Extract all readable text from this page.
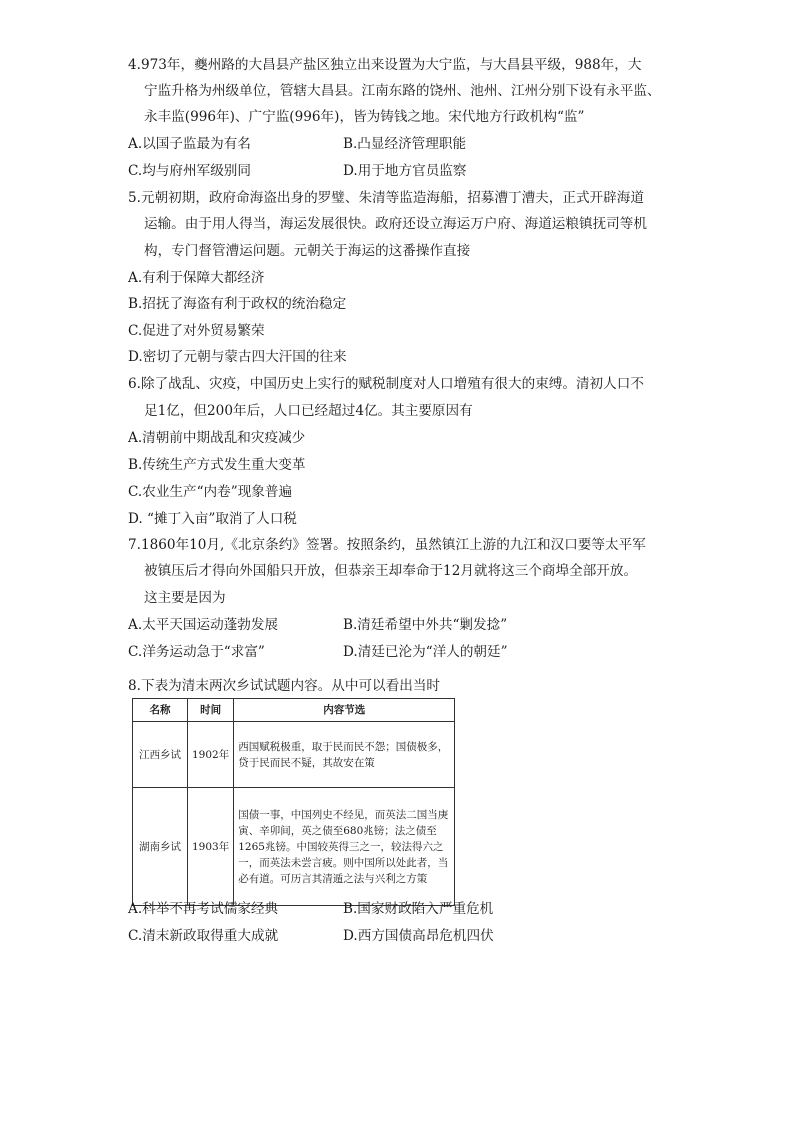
4.973年，夔州路的大昌县产盐区独立出来设置为大宁监，与大昌县平级，988年，大
宁监升格为州级单位，管辖大昌县。江南东路的饶州、池州、江州分别下设有永平监、
永丰监(996年)、广宁监(996年)，皆为铸钱之地。宋代地方行政机构“监”
A.以国子监最为有名	B.凸显经济管理职能
C.均与府州军级别同	D.用于地方官员监察
5.元朝初期，政府命海盗出身的罗璧、朱清等监造海船，招募漕丁漕夫，正式开辟海道
运输。由于用人得当，海运发展很快。政府还设立海运万户府、海道运粮镇抚司等机
构，专门督管漕运问题。元朝关于海运的这番操作直接
A.有利于保障大都经济
B.招抚了海盗有利于政权的统治稳定
C.促进了对外贸易繁荣
D.密切了元朝与蒙古四大汗国的往来
6.除了战乱、灾疫，中国历史上实行的赋税制度对人口增殖有很大的束缚。清初人口不
足1亿，但200年后，人口已经超过4亿。其主要原因有
A.清朝前中期战乱和灾疫减少
B.传统生产方式发生重大变革
C.农业生产“内卷”现象普遍
D. “摊丁入亩”取消了人口税
7.1860年10月,《北京条约》签署。按照条约，虽然镇江上游的九江和汉口要等太平军
被镇压后才得向外国船只开放，但恭亲王却奉命于12月就将这三个商埠全部开放。
这主要是因为
A.太平天国运动蓬勃发展	B.清廷希望中外共“剿发捻”
C.洋务运动急于“求富”	D.清廷已沦为“洋人的朝廷”
8.下表为清末两次乡试试题内容。从中可以看出当时
名称	时间	内容节选
江西乡试	1902年	西国赋税极重，取于民而民不怨；国债极多，贷于民而民不疑，其故安在策
湖南乡试	1903年	国债一事，中国列史不经见，而英法二国当庚寅、辛卯间，英之债至680兆镑；法之债至1265兆镑。中国较英得三之一，较法得六之一，而英法未尝言疲。则中国所以处此者，当必有道。可历言其清遁之法与兴利之方策
A.科举不再考试儒家经典	B.国家财政陷入严重危机
C.清末新政取得重大成就	D.西方国债高昂危机四伏
